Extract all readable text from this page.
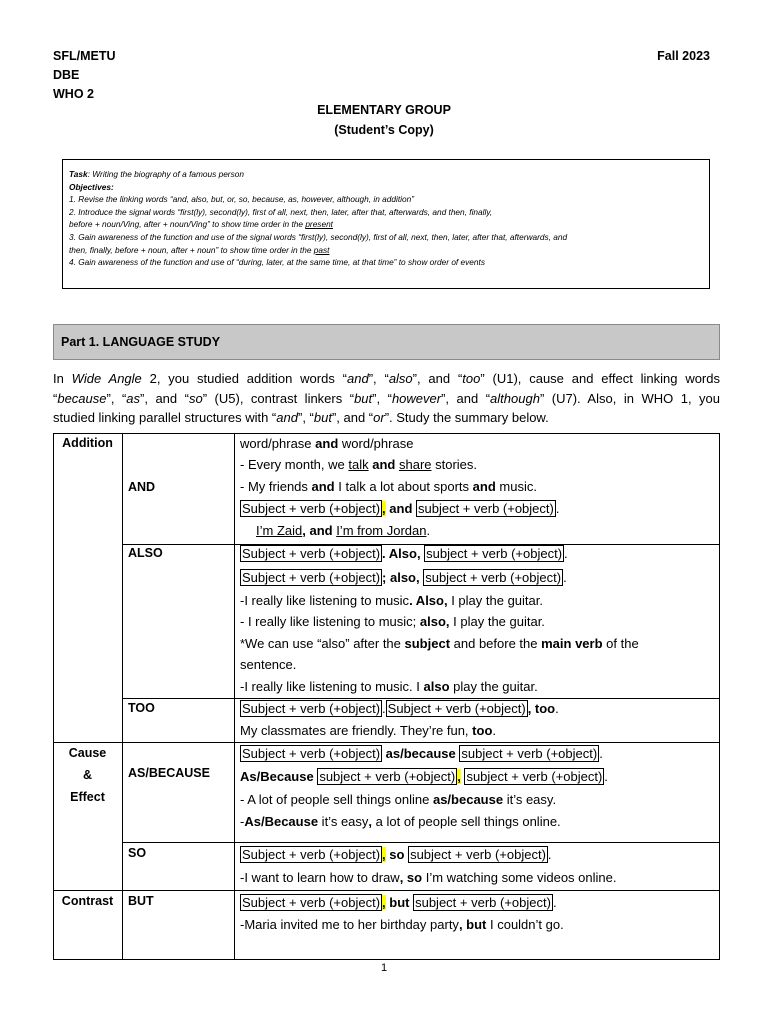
SFL/METU
DBE
WHO 2
Fall 2023
ELEMENTARY GROUP
(Student’s Copy)
Task: Writing the biography of a famous person
Objectives:
1. Revise the linking words “and, also, but, or, so, because, as, however, although, in addition”
2. Introduce the signal words “first(ly), second(ly), first of all, next, then, later, after that, afterwards, and then, finally,
before + noun/Ving, after + noun/Ving” to show time order in the present
3. Gain awareness of the function and use of the signal words “first(ly), second(ly), first of all, next, then, later, after that, afterwards, and
then, finally, before + noun, after + noun” to show time order in the past
4. Gain awareness of the function and use of “during, later, at the same time, at that time” to show order of events
Part 1. LANGUAGE STUDY
In Wide Angle 2, you studied addition words “and”, “also”, and “too” (U1), cause and effect linking words
“because”, “as”, and “so” (U5), contrast linkers “but”, “however”, and “although” (U7). Also, in WHO 1, you
studied linking parallel structures with “and”, “but”, and “or”. Study the summary below.
Addition
Cause
&
Effect
Contrast
AND
ALSO
TOO
AS/BECAUSE
SO
BUT
word/phrase and word/phrase
- Every month, we talk and share stories.
- My friends and I talk a lot about sports and music.
Subject + verb (+object) , and subject + verb (+object) .
I’m Zaid, and I’m from Jordan.
Subject + verb (+object) . Also, subject + verb (+object) .
Subject + verb (+object) ; also, subject + verb (+object) .
-I really like listening to music. Also, I play the guitar.
- I really like listening to music; also, I play the guitar.
*We can use “also” after the subject and before the main verb of the
sentence.
-I really like listening to music. I also play the guitar.
Subject + verb (+object) . Subject + verb (+object) , too.
My classmates are friendly. They’re fun, too.
Subject + verb (+object) as/because subject + verb (+object) .
As/Because subject + verb (+object) , subject + verb (+object) .
- A lot of people sell things online as/because it’s easy.
-As/Because it’s easy, a lot of people sell things online.
Subject + verb (+object) , so subject + verb (+object) .
-I want to learn how to draw, so I’m watching some videos online.
Subject + verb (+object) , but subject + verb (+object) .
-Maria invited me to her birthday party, but I couldn’t go.
1
